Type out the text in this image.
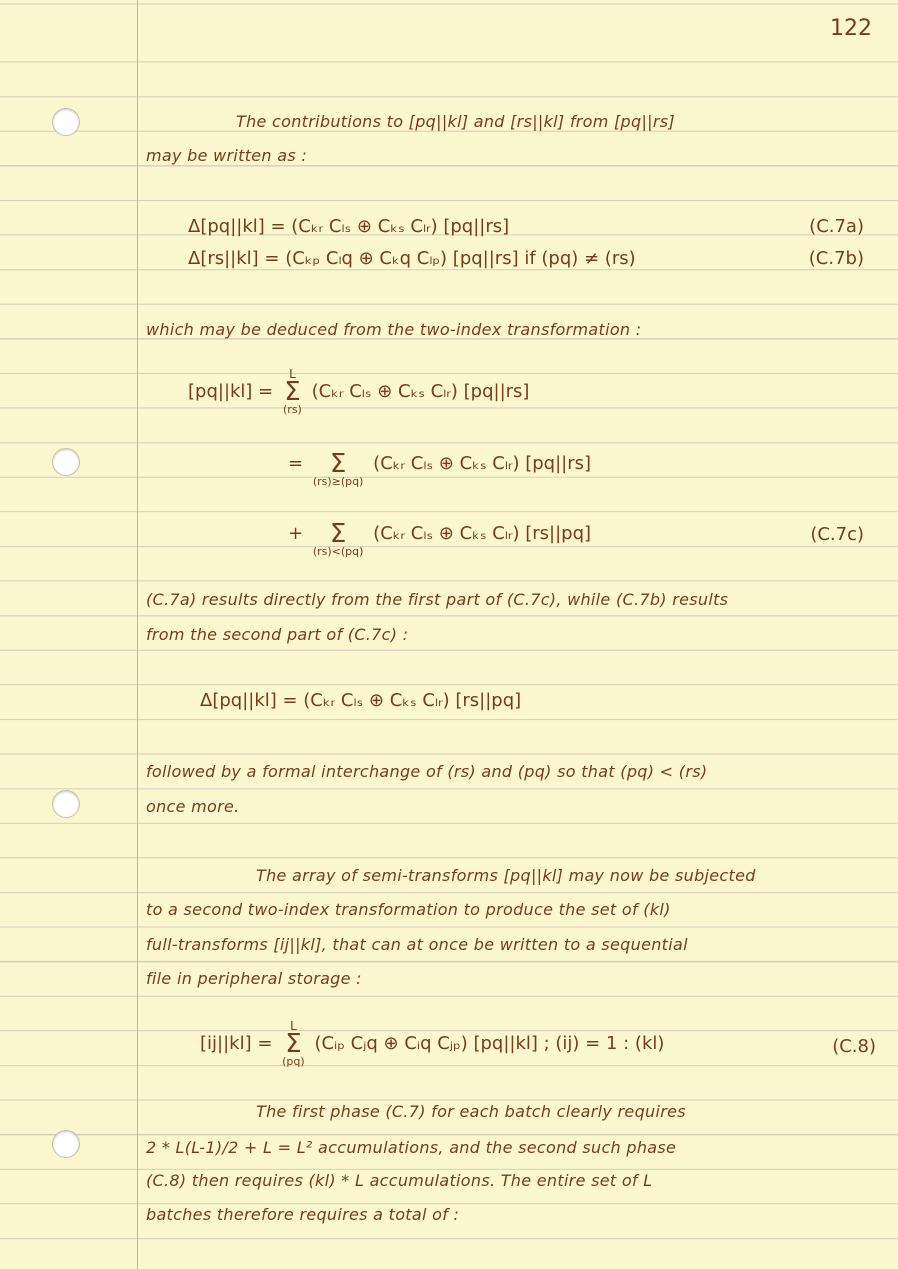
122
The contributions to [pq||kl] and [rs||kl] from [pq||rs]
may be written as :
Δ[pq||kl] = (Cₖᵣ Cₗₛ ⊕ Cₖₛ Cₗᵣ) [pq||rs]	(C.7a)
Δ[rs||kl] = (Cₖₚ Cₗq ⊕ Cₖq Cₗₚ) [pq||rs] if (pq) ≠ (rs)	(C.7b)
which may be deduced from the two-index transformation :
[pq||kl] =
L
Σ
(rs)
(Cₖᵣ Cₗₛ ⊕ Cₖₛ Cₗᵣ) [pq||rs]
=
	Σ
(rs)≥(pq)
(Cₖᵣ Cₗₛ ⊕ Cₖₛ Cₗᵣ) [pq||rs]
+
	Σ
(rs)<(pq)
(Cₖᵣ Cₗₛ ⊕ Cₖₛ Cₗᵣ) [rs||pq]	(C.7c)
(C.7a) results directly from the first part of (C.7c), while (C.7b) results
from the second part of (C.7c) :
Δ[pq||kl] = (Cₖᵣ Cₗₛ ⊕ Cₖₛ Cₗᵣ) [rs||pq]
followed by a formal interchange of (rs) and (pq) so that (pq) < (rs)
once more.
The array of semi-transforms [pq||kl] may now be subjected
to a second two-index transformation to produce the set of (kl)
full-transforms [ij||kl], that can at once be written to a sequential
file in peripheral storage :
[ij||kl] =
L
Σ
(pq)
(Cᵢₚ Cⱼq ⊕ Cᵢq Cⱼₚ) [pq||kl] ; (ij) = 1 : (kl)	(C.8)
The first phase (C.7) for each batch clearly requires
2 * L(L-1)/2 + L = L² accumulations, and the second such phase
(C.8) then requires (kl) * L accumulations. The entire set of L
batches therefore requires a total of :
